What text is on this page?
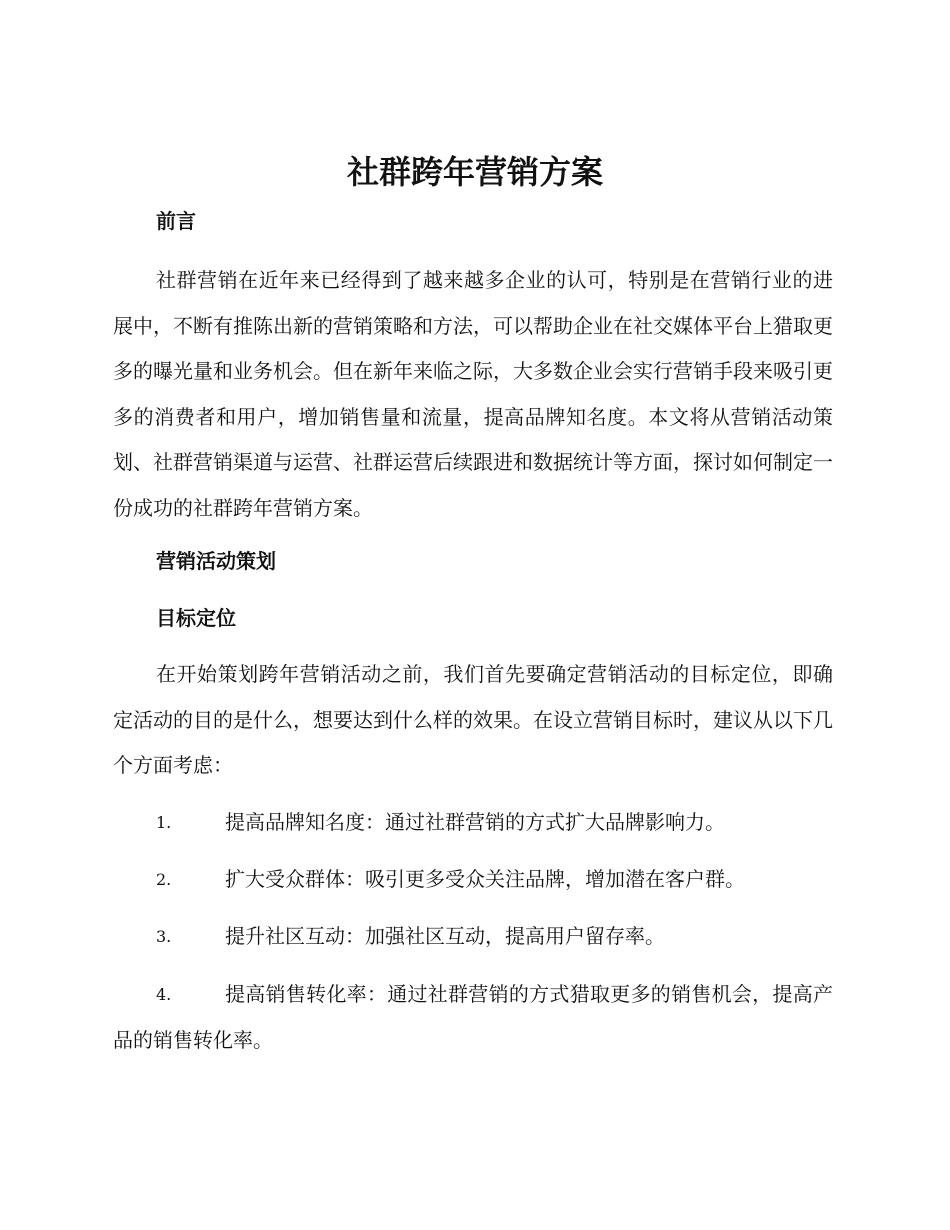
社群跨年营销方案
前言
社群营销在近年来已经得到了越来越多企业的认可，特别是在营销行业的进展中，不断有推陈出新的营销策略和方法，可以帮助企业在社交媒体平台上猎取更多的曝光量和业务机会。但在新年来临之际，大多数企业会实行营销手段来吸引更多的消费者和用户，增加销售量和流量，提高品牌知名度。本文将从营销活动策划、社群营销渠道与运营、社群运营后续跟进和数据统计等方面，探讨如何制定一份成功的社群跨年营销方案。
营销活动策划
目标定位
在开始策划跨年营销活动之前，我们首先要确定营销活动的目标定位，即确定活动的目的是什么，想要达到什么样的效果。在设立营销目标时，建议从以下几个方面考虑：
1.	提高品牌知名度：通过社群营销的方式扩大品牌影响力。
2.	扩大受众群体：吸引更多受众关注品牌，增加潜在客户群。
3.	提升社区互动：加强社区互动，提高用户留存率。
4.	提高销售转化率：通过社群营销的方式猎取更多的销售机会，提高产品的销售转化率。
